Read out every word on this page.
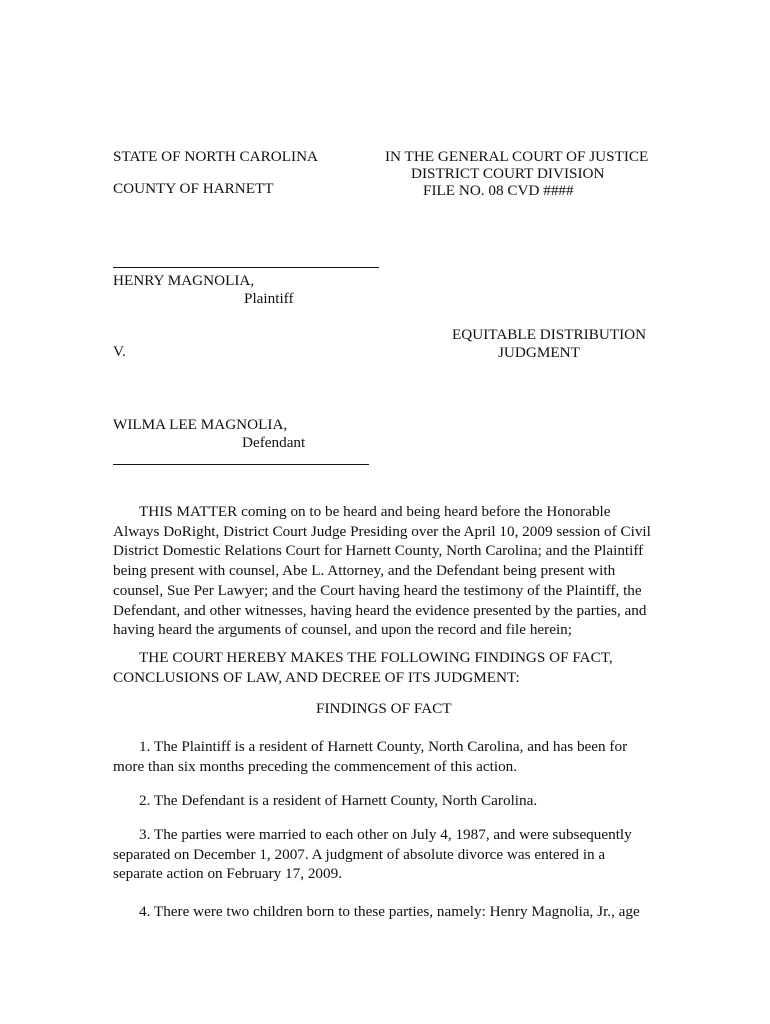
STATE OF NORTH CAROLINA
COUNTY OF HARNETT
IN THE GENERAL COURT OF JUSTICE
DISTRICT COURT DIVISION
FILE NO. 08 CVD ####
HENRY MAGNOLIA,
Plaintiff
V.
WILMA LEE MAGNOLIA,
Defendant
EQUITABLE DISTRIBUTION
JUDGMENT
THIS MATTER coming on to be heard and being heard before the Honorable
Always DoRight, District Court Judge Presiding over the April 10, 2009 session of Civil
District Domestic Relations Court for Harnett County, North Carolina; and the Plaintiff
being present with counsel, Abe L. Attorney, and the Defendant being present with
counsel, Sue Per Lawyer; and the Court having heard the testimony of the Plaintiff, the
Defendant, and other witnesses, having heard the evidence presented by the parties, and
having heard the arguments of counsel, and upon the record and file herein;
THE COURT HEREBY MAKES THE FOLLOWING FINDINGS OF FACT,
CONCLUSIONS OF LAW, AND DECREE OF ITS JUDGMENT:
FINDINGS OF FACT
1. The Plaintiff is a resident of Harnett County, North Carolina, and has been for
more than six months preceding the commencement of this action.
2. The Defendant is a resident of Harnett County, North Carolina.
3. The parties were married to each other on July 4, 1987, and were subsequently
separated on December 1, 2007. A judgment of absolute divorce was entered in a
separate action on February 17, 2009.
4. There were two children born to these parties, namely: Henry Magnolia, Jr., age
